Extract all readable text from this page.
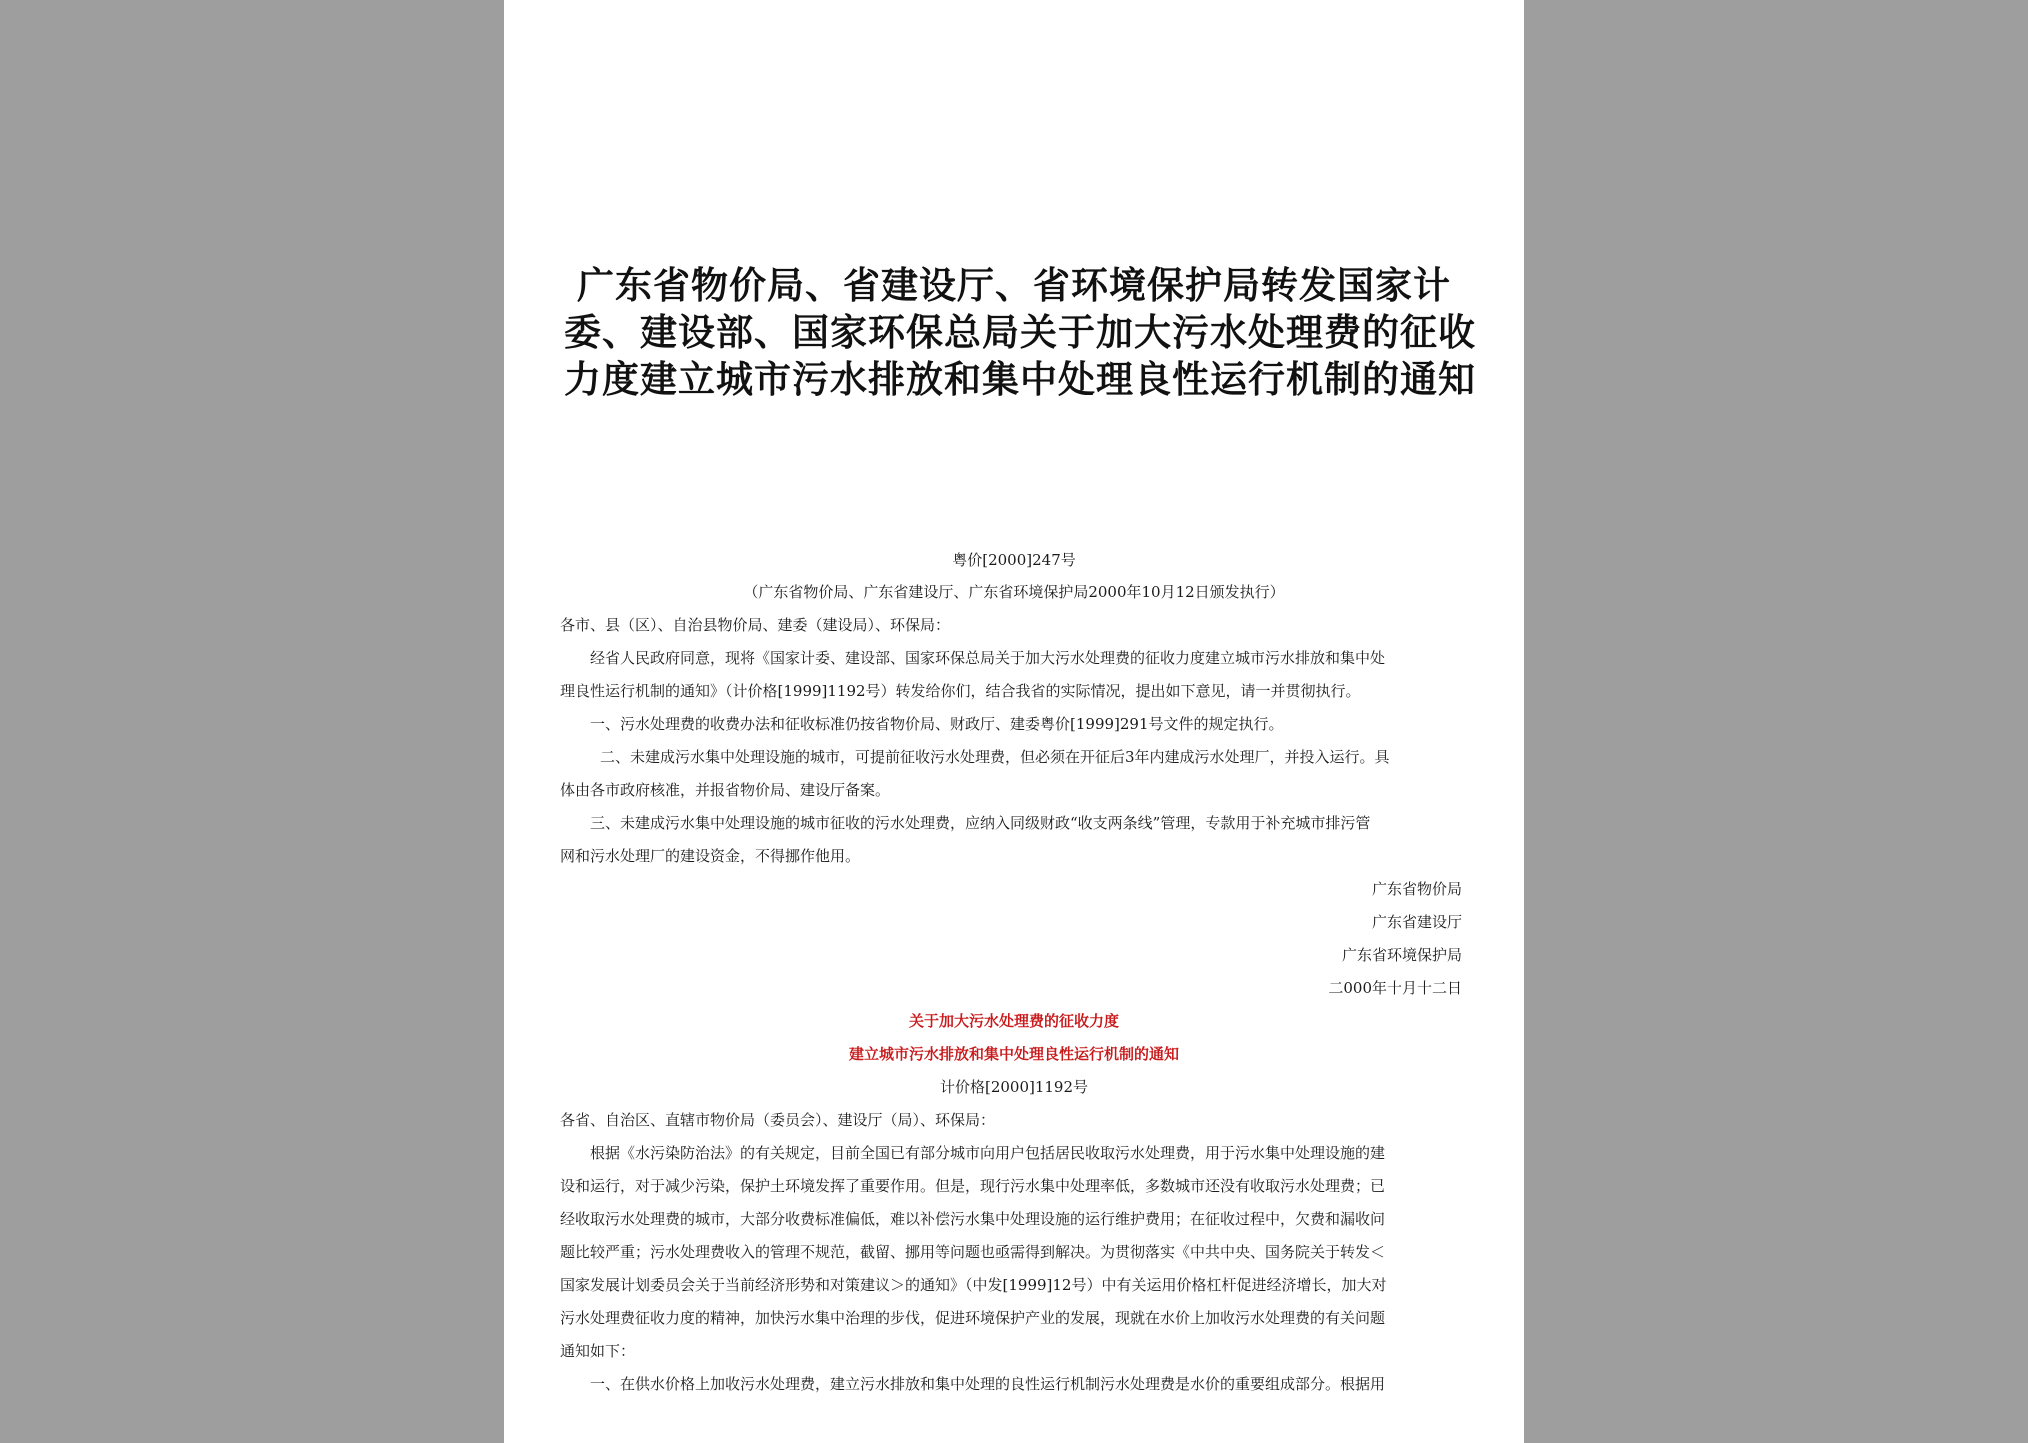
广东省物价局、省建设厅、省环境保护局转发国家计
委、建设部、国家环保总局关于加大污水处理费的征收
力度建立城市污水排放和集中处理良性运行机制的通知
粤价[2000]247号
（广东省物价局、广东省建设厅、广东省环境保护局2000年10月12日颁发执行）
各市、县（区）、自治县物价局、建委（建设局）、环保局：
经省人民政府同意，现将《国家计委、建设部、国家环保总局关于加大污水处理费的征收力度建立城市污水排放和集中处
理良性运行机制的通知》（计价格[1999]1192号）转发给你们，结合我省的实际情况，提出如下意见，请一并贯彻执行。
一、污水处理费的收费办法和征收标准仍按省物价局、财政厅、建委粤价[1999]291号文件的规定执行。
二、未建成污水集中处理设施的城市，可提前征收污水处理费，但必须在开征后3年内建成污水处理厂，并投入运行。具
体由各市政府核准，并报省物价局、建设厅备案。
三、未建成污水集中处理设施的城市征收的污水处理费，应纳入同级财政“收支两条线”管理，专款用于补充城市排污管
网和污水处理厂的建设资金，不得挪作他用。
广东省物价局
广东省建设厅
广东省环境保护局
二000年十月十二日
关于加大污水处理费的征收力度
建立城市污水排放和集中处理良性运行机制的通知
计价格[2000]1192号
各省、自治区、直辖市物价局（委员会）、建设厅（局）、环保局：
根据《水污染防治法》的有关规定，目前全国已有部分城市向用户包括居民收取污水处理费，用于污水集中处理设施的建
设和运行，对于减少污染，保护土环境发挥了重要作用。但是，现行污水集中处理率低，多数城市还没有收取污水处理费；已
经收取污水处理费的城市，大部分收费标准偏低，难以补偿污水集中处理设施的运行维护费用；在征收过程中，欠费和漏收问
题比较严重；污水处理费收入的管理不规范，截留、挪用等问题也亟需得到解决。为贯彻落实《中共中央、国务院关于转发＜
国家发展计划委员会关于当前经济形势和对策建议＞的通知》（中发[1999]12号）中有关运用价格杠杆促进经济增长，加大对
污水处理费征收力度的精神，加快污水集中治理的步伐，促进环境保护产业的发展，现就在水价上加收污水处理费的有关问题
通知如下：
一、在供水价格上加收污水处理费，建立污水排放和集中处理的良性运行机制污水处理费是水价的重要组成部分。根据用
